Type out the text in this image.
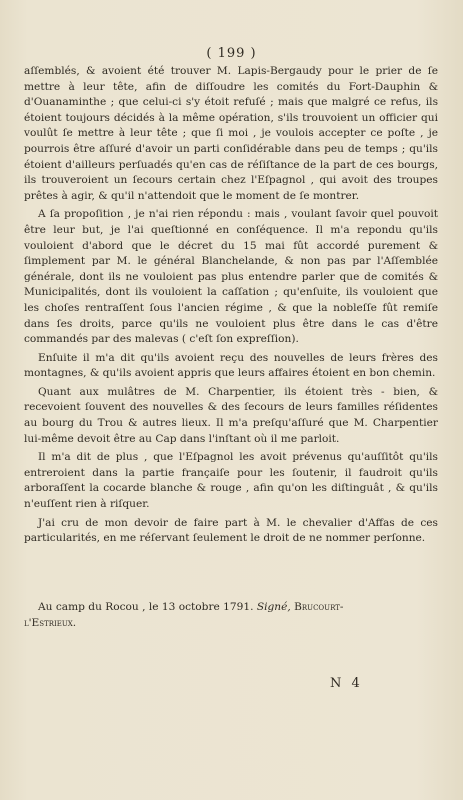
( 199 )

aſſemblés, & avoient été trouver M. Lapis-Bergaudy pour le prier de ſe mettre à leur tête, afin de diſſoudre les comités du Fort-Dauphin & d'Ouanaminthe ; que celui-ci s'y étoit refuſé ; mais que malgré ce refus, ils étoient toujours décidés à la même opération, s'ils trouvoient un officier qui voulût ſe mettre à leur tête ; que ſi moi , je voulois accepter ce poſte , je pourrois être aſſuré d'avoir un parti conſidérable dans peu de temps ; qu'ils étoient d'ailleurs perſuadés qu'en cas de réſiſtance de la part de ces bourgs, ils trouveroient un ſecours certain chez l'Eſpagnol , qui avoit des troupes prêtes à agir, & qu'il n'attendoit que le moment de ſe montrer.

A ſa propoſition , je n'ai rien répondu : mais , voulant ſavoir quel pouvoit être leur but, je l'ai queſtionné en conſéquence. Il m'a repondu qu'ils vouloient d'abord que le décret du 15 mai fût accordé purement & ſimplement par M. le général Blanchelande, & non pas par l'Aſſemblée générale, dont ils ne vouloient pas plus entendre parler que de comités & Municipalités, dont ils vouloient la caſſation ; qu'enſuite, ils vouloient que les choſes rentraſſent ſous l'ancien régime , & que la nobleſſe fût remiſe dans ſes droits, parce qu'ils ne vouloient plus être dans le cas d'être commandés par des malevas ( c'eſt ſon expreſſion).

Enſuite il m'a dit qu'ils avoient reçu des nouvelles de leurs frères des montagnes, & qu'ils avoient appris que leurs affaires étoient en bon chemin.

Quant aux mulâtres de M. Charpentier, ils étoient très - bien, & recevoient ſouvent des nouvelles & des ſecours de leurs familles réſidentes au bourg du Trou & autres lieux. Il m'a preſqu'aſſuré que M. Charpentier lui-même devoit être au Cap dans l'inſtant où il me parloit.

Il m'a dit de plus , que l'Eſpagnol les avoit prévenus qu'auſſitôt qu'ils entreroient dans la partie françaiſe pour les ſoutenir, il faudroit qu'ils arboraſſent la cocarde blanche & rouge , afin qu'on les diſtinguât , & qu'ils n'euſſent rien à riſquer.

J'ai cru de mon devoir de faire part à M. le chevalier d'Affas de ces particularités, en me réſervant ſeulement le droit de ne nommer perſonne.

Au camp du Rocou , le 13 octobre 1791. Signé, Brucourt-
l'Estrieux.
N 4
